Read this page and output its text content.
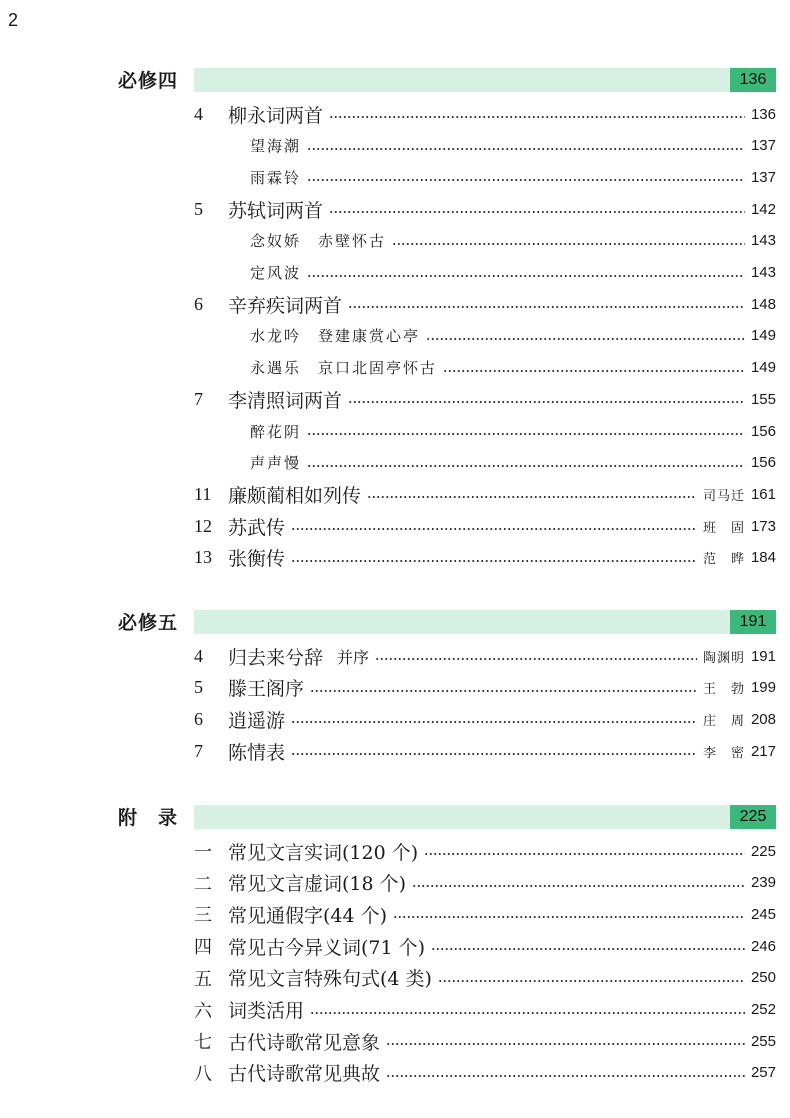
2
必修四	136
4	柳永词两首	136
望海潮	137
雨霖铃	137
5	苏轼词两首	142
念奴娇　赤壁怀古	143
定风波	143
6	辛弃疾词两首	148
水龙吟　登建康赏心亭	149
永遇乐　京口北固亭怀古	149
7	李清照词两首	155
醉花阴	156
声声慢	156
11 廉颇蔺相如列传	司马迁 161
12 苏武传	班　固 173
13 张衡传	范　晔 184
必修五	191
4	归去来兮辞 并序	陶渊明 191
5	滕王阁序	王　勃 199
6	逍遥游	庄　周 208
7	陈情表	李　密 217
附　录	225
一 常见文言实词(120 个)	225
二 常见文言虚词(18 个)	239
三 常见通假字(44 个)	245
四 常见古今异义词(71 个)	246
五 常见文言特殊句式(4 类)	250
六 词类活用	252
七 古代诗歌常见意象	255
八 古代诗歌常见典故	257
